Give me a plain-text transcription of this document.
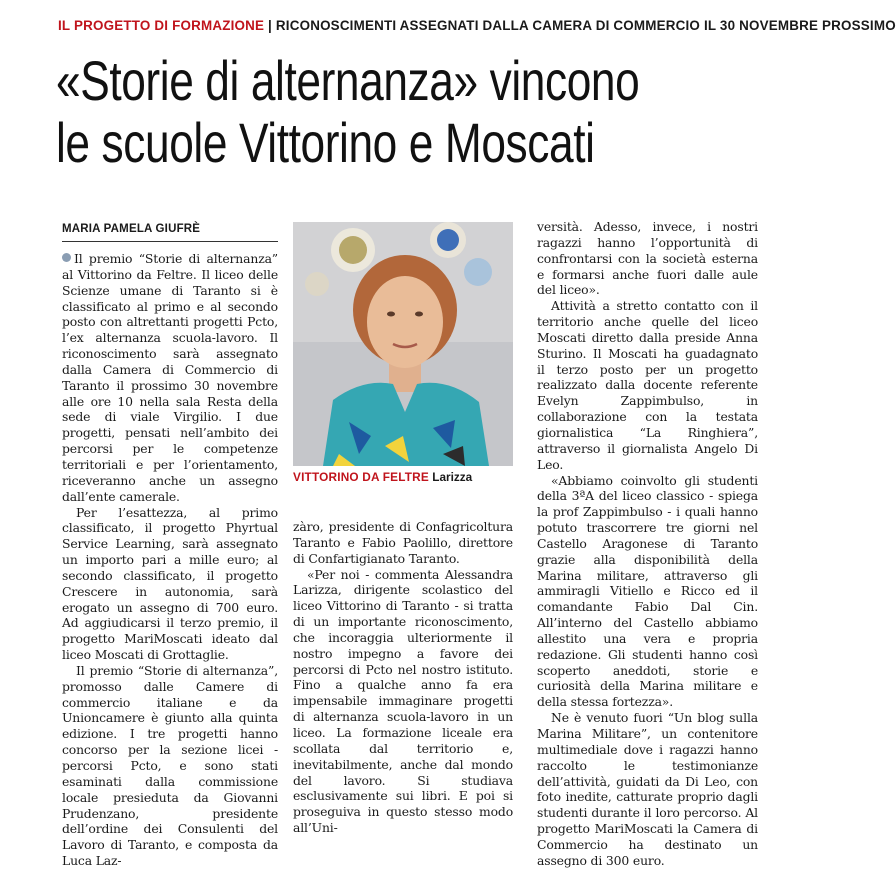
IL PROGETTO DI FORMAZIONE | RICONOSCIMENTI ASSEGNATI DALLA CAMERA DI COMMERCIO IL 30 NOVEMBRE PROSSIMO
«Storie di alternanza» vincono
le scuole Vittorino e Moscati
MARIA PAMELA GIUFRÈ

Il premio “Storie di alternanza” al Vittorino da Feltre. Il liceo delle Scienze umane di Taranto si è classificato al primo e al secondo posto con altrettanti progetti Pcto, l’ex alternanza scuola-lavoro. Il riconoscimento sarà assegnato dalla Camera di Commercio di Taranto il prossimo 30 novembre alle ore 10 nella sala Resta della sede di viale Virgilio. I due progetti, pensati nell’ambito dei percorsi per le competenze territoriali e per l’orientamento, riceveranno anche un assegno dall’ente camerale.

Per l’esattezza, al primo classificato, il progetto Phyrtual Service Learning, sarà assegnato un importo pari a mille euro; al secondo classificato, il progetto Crescere in autonomia, sarà erogato un assegno di 700 euro. Ad aggiudicarsi il terzo premio, il progetto MariMoscati ideato dal liceo Moscati di Grottaglie.

Il premio “Storie di alternanza”, promosso dalle Camere di commercio italiane e da Unioncamere è giunto alla quinta edizione. I tre progetti hanno concorso per la sezione licei - percorsi Pcto, e sono stati esaminati dalla commissione locale presieduta da Giovanni Prudenzano, presidente dell’ordine dei Consulenti del Lavoro di Taranto, e composta da Luca Laz-

VITTORINO DA FELTRE Larizza

zàro, presidente di Confagricoltura Taranto e Fabio Paolillo, direttore di Confartigianato Taranto.

«Per noi - commenta Alessandra Larizza, dirigente scolastico del liceo Vittorino di Taranto - si tratta di un importante riconoscimento, che incoraggia ulteriormente il nostro impegno a favore dei percorsi di Pcto nel nostro istituto. Fino a qualche anno fa era impensabile immaginare progetti di alternanza scuola-lavoro in un liceo. La formazione liceale era scollata dal territorio e, inevitabilmente, anche dal mondo del lavoro. Si studiava esclusivamente sui libri. E poi si proseguiva in questo stesso modo all’Uni-

versità. Adesso, invece, i nostri ragazzi hanno l’opportunità di confrontarsi con la società esterna e formarsi anche fuori dalle aule del liceo».

Attività a stretto contatto con il territorio anche quelle del liceo Moscati diretto dalla preside Anna Sturino. Il Moscati ha guadagnato il terzo posto per un progetto realizzato dalla docente referente Evelyn Zappimbulso, in collaborazione con la testata giornalistica “La Ringhiera”, attraverso il giornalista Angelo Di Leo.

«Abbiamo coinvolto gli studenti della 3ªA del liceo classico - spiega la prof Zappimbulso - i quali hanno potuto trascorrere tre giorni nel Castello Aragonese di Taranto grazie alla disponibilità della Marina militare, attraverso gli ammiragli Vitiello e Ricco ed il comandante Fabio Dal Cin. All’interno del Castello abbiamo allestito una vera e propria redazione. Gli studenti hanno così scoperto aneddoti, storie e curiosità della Marina militare e della stessa fortezza».

Ne è venuto fuori “Un blog sulla Marina Militare”, un contenitore multimediale dove i ragazzi hanno raccolto le testimonianze dell’attività, guidati da Di Leo, con foto inedite, catturate proprio dagli studenti durante il loro percorso. Al progetto MariMoscati la Camera di Commercio ha destinato un assegno di 300 euro.
